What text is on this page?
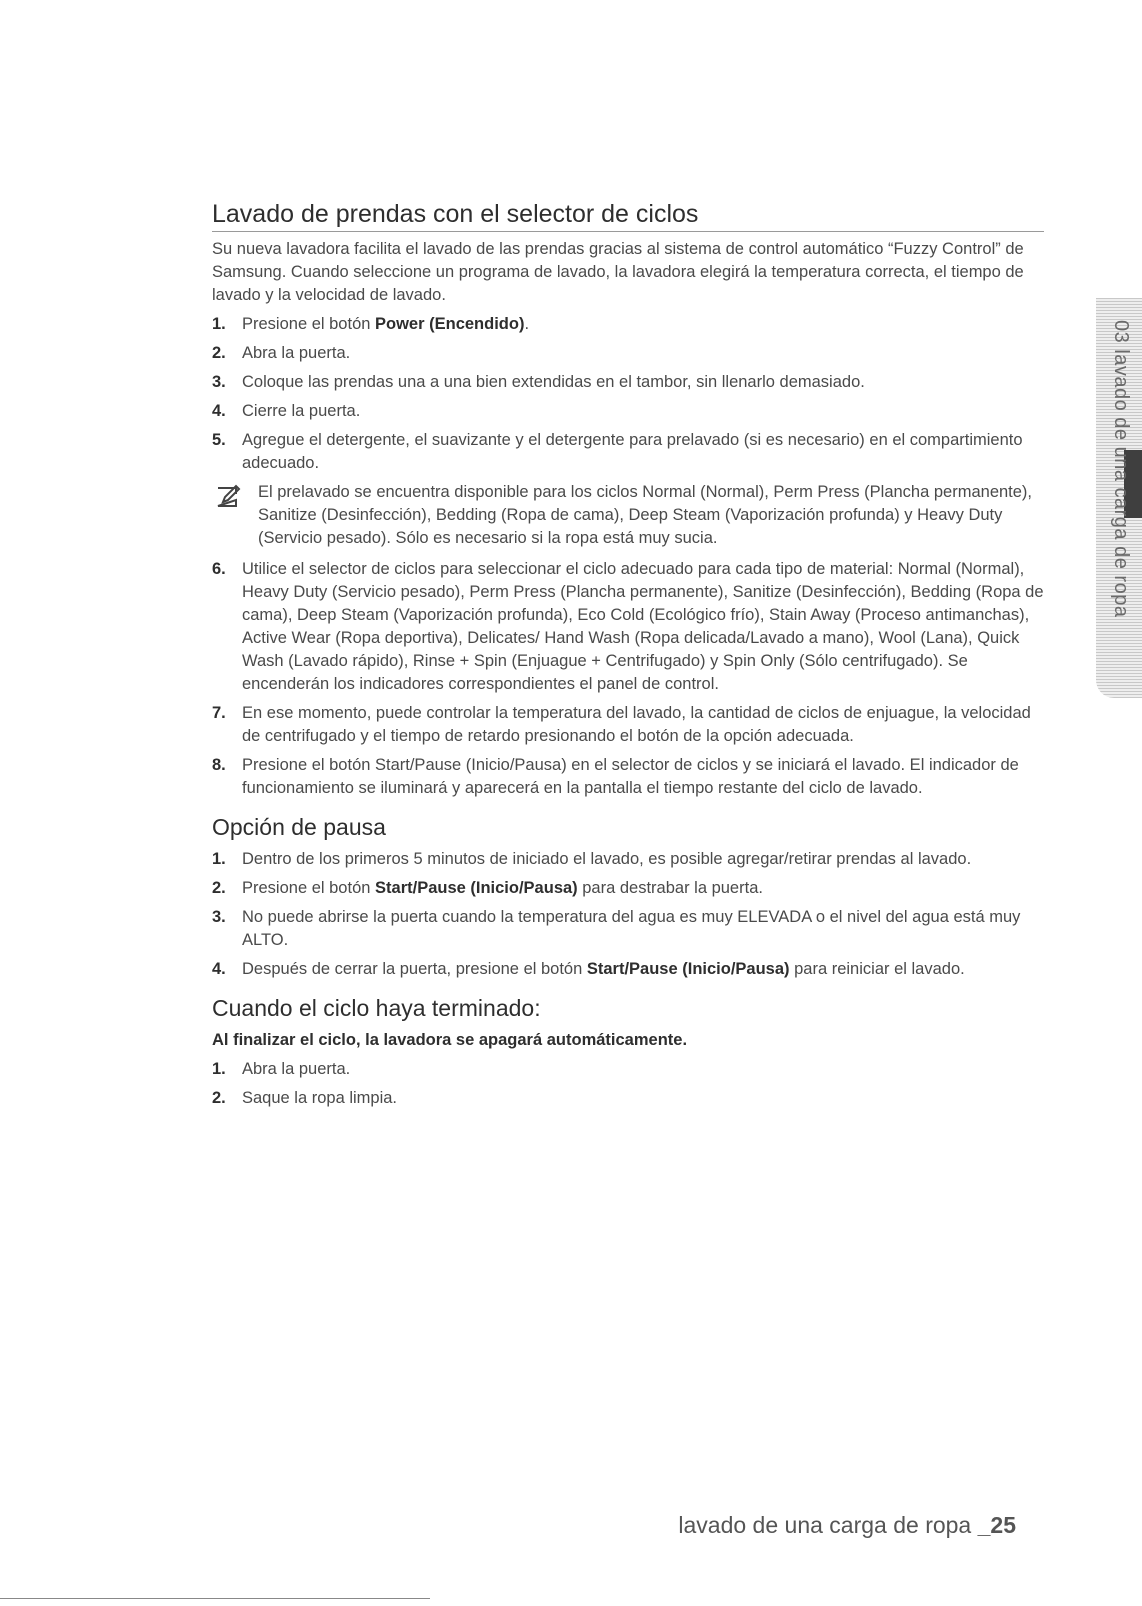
Lavado de prendas con el selector de ciclos

Su nueva lavadora facilita el lavado de las prendas gracias al sistema de control automático “Fuzzy Control” de Samsung. Cuando seleccione un programa de lavado, la lavadora elegirá la temperatura correcta, el tiempo de lavado y la velocidad de lavado.

1. Presione el botón Power (Encendido).
2. Abra la puerta.
3. Coloque las prendas una a una bien extendidas en el tambor, sin llenarlo demasiado.
4. Cierre la puerta.
5. Agregue el detergente, el suavizante y el detergente para prelavado (si es necesario) en el compartimiento adecuado.
El prelavado se encuentra disponible para los ciclos Normal (Normal), Perm Press (Plancha permanente), Sanitize (Desinfección), Bedding (Ropa de cama), Deep Steam (Vaporización profunda) y Heavy Duty (Servicio pesado). Sólo es necesario si la ropa está muy sucia.
6. Utilice el selector de ciclos para seleccionar el ciclo adecuado para cada tipo de material: Normal (Normal), Heavy Duty (Servicio pesado), Perm Press (Plancha permanente), Sanitize (Desinfección), Bedding (Ropa de cama), Deep Steam (Vaporización profunda), Eco Cold (Ecológico frío), Stain Away (Proceso antimanchas), Active Wear (Ropa deportiva), Delicates/ Hand Wash (Ropa delicada/Lavado a mano), Wool (Lana), Quick Wash (Lavado rápido), Rinse + Spin (Enjuague + Centrifugado) y Spin Only (Sólo centrifugado). Se encenderán los indicadores correspondientes el panel de control.
7. En ese momento, puede controlar la temperatura del lavado, la cantidad de ciclos de enjuague, la velocidad de centrifugado y el tiempo de retardo presionando el botón de la opción adecuada.
8. Presione el botón Start/Pause (Inicio/Pausa) en el selector de ciclos y se iniciará el lavado. El indicador de funcionamiento se iluminará y aparecerá en la pantalla el tiempo restante del ciclo de lavado.
Opción de pausa
1. Dentro de los primeros 5 minutos de iniciado el lavado, es posible agregar/retirar prendas al lavado.
2. Presione el botón Start/Pause (Inicio/Pausa) para destrabar la puerta.
3. No puede abrirse la puerta cuando la temperatura del agua es muy ELEVADA o el nivel del agua está muy ALTO.
4. Después de cerrar la puerta, presione el botón Start/Pause (Inicio/Pausa) para reiniciar el lavado.
Cuando el ciclo haya terminado:

Al finalizar el ciclo, la lavadora se apagará automáticamente.

1. Abra la puerta.
2. Saque la ropa limpia.
03 lavado de una carga de ropa
lavado de una carga de ropa _25
